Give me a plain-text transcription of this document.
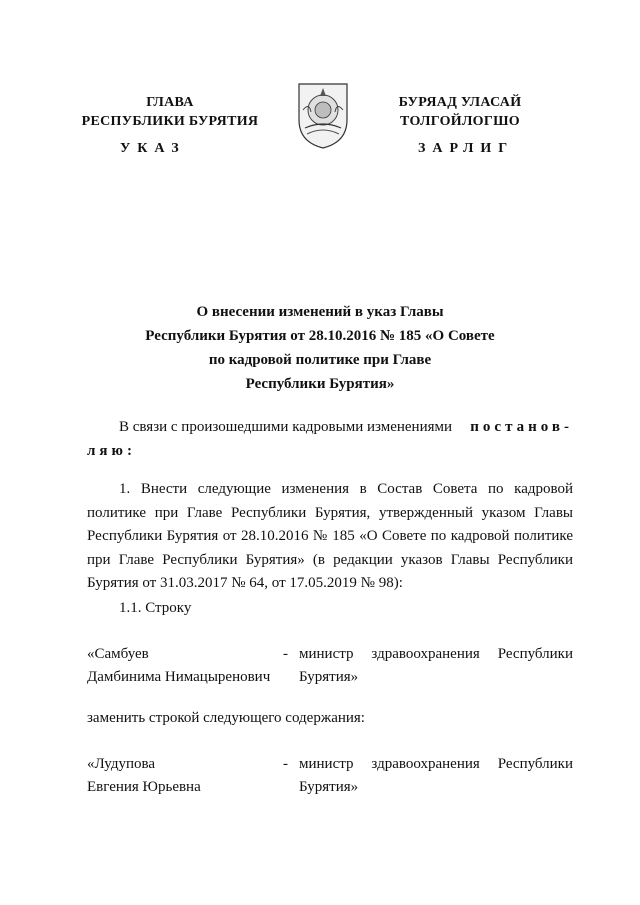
ГЛАВА
РЕСПУБЛИКИ БУРЯТИЯ
БУРЯАД УЛАСАЙ
ТОЛГОЙЛОГШО
УКАЗ	ЗАРЛИГ
О внесении изменений в указ Главы
Республики Бурятия от 28.10.2016 № 185 «О Совете
по кадровой политике при Главе
Республики Бурятия»
В связи с произошедшими кадровыми изменениями постанов-
ляю:
1. Внести следующие изменения в Состав Совета по кадровой политике при Главе Республики Бурятия, утвержденный указом Главы Республики Бурятия от 28.10.2016 № 185 «О Совете по кадровой политике при Главе Республики Бурятия» (в редакции указов Главы Республики Бурятия от 31.03.2017 № 64, от 17.05.2019 № 98):
1.1. Строку
«Самбуев
Дамбинима Нимацыренович
- министр здравоохранения Республики
Бурятия»
заменить строкой следующего содержания:
«Лудупова
Евгения Юрьевна
- министр здравоохранения Республики
Бурятия»
